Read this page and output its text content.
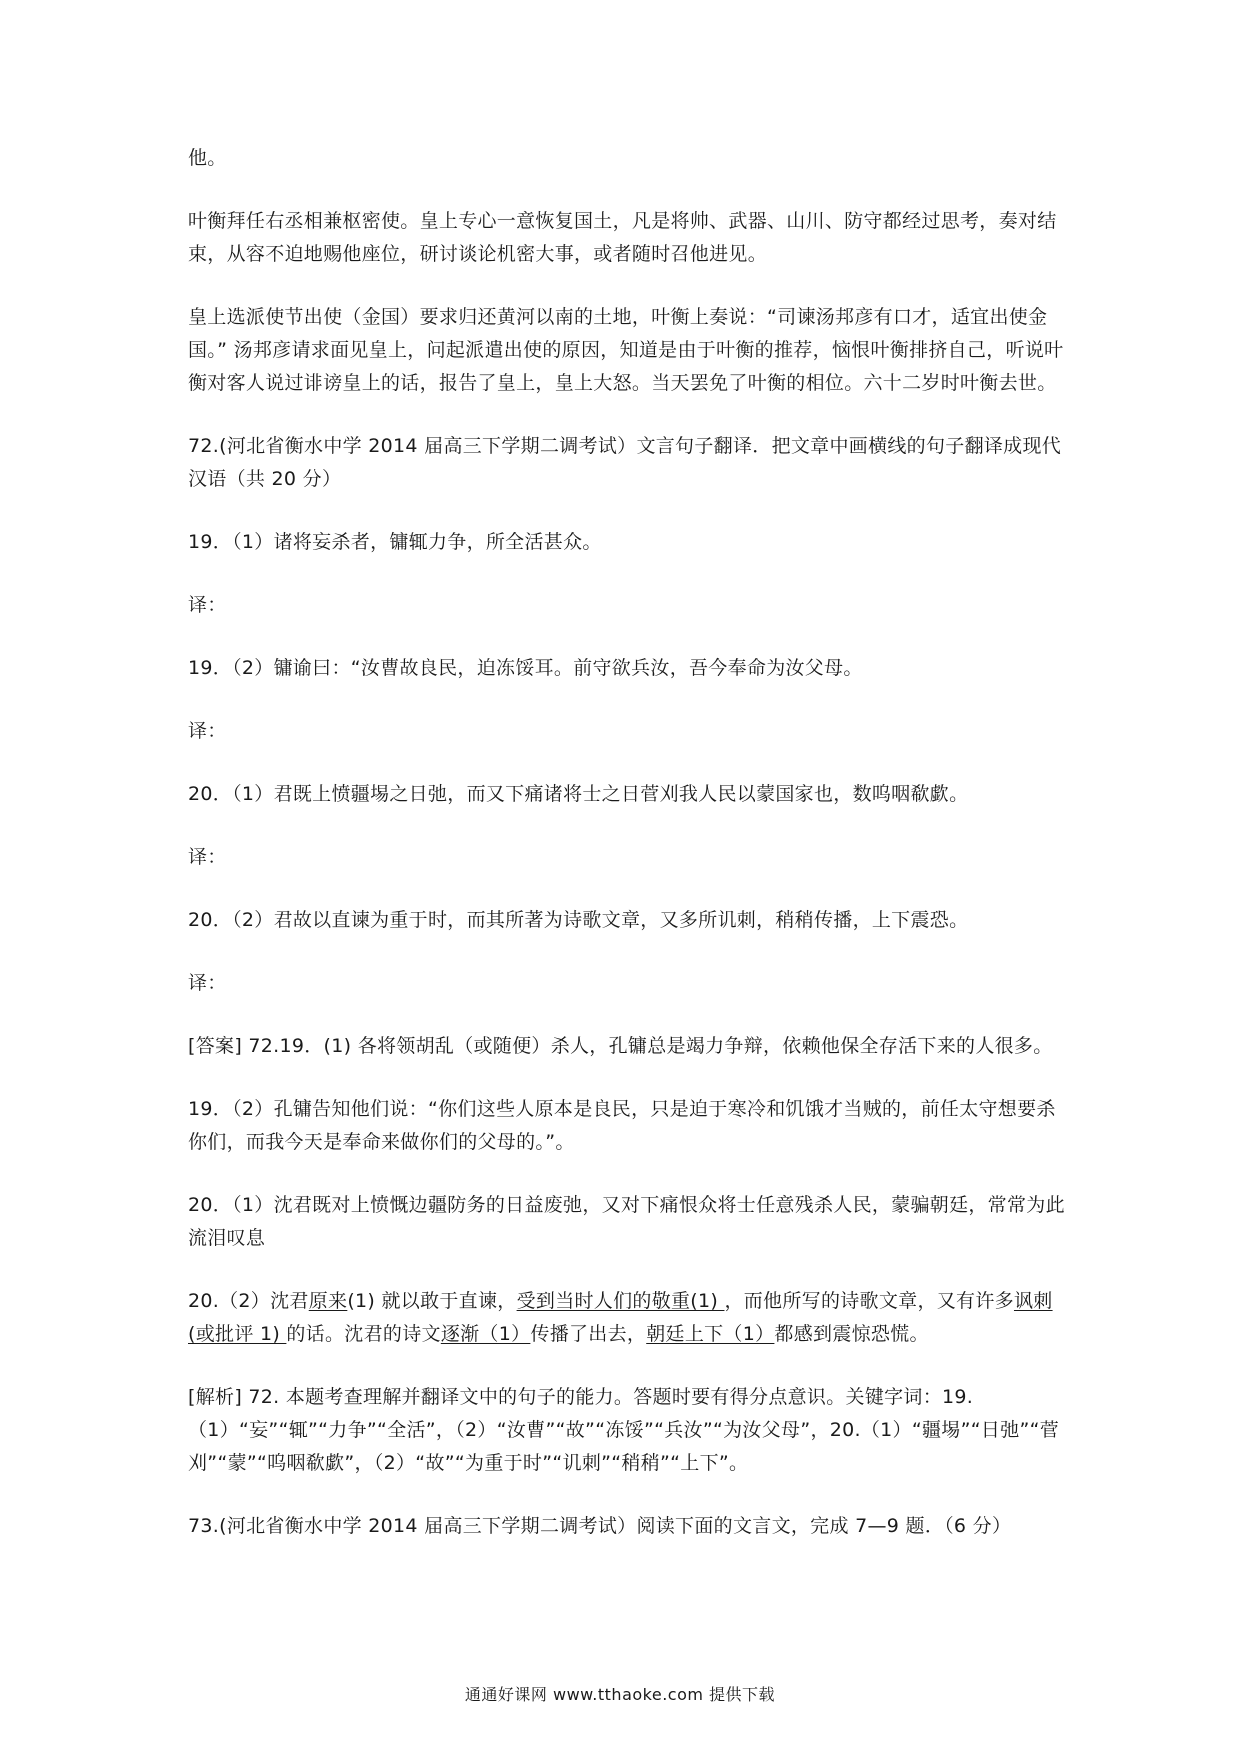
他。

叶衡拜任右丞相兼枢密使。皇上专心一意恢复国土，凡是将帅、武器、山川、防守都经过思考，奏对结束，从容不迫地赐他座位，研讨谈论机密大事，或者随时召他进见。

皇上选派使节出使（金国）要求归还黄河以南的土地，叶衡上奏说：“司谏汤邦彦有口才，适宜出使金国。” 汤邦彦请求面见皇上，问起派遣出使的原因，知道是由于叶衡的推荐，恼恨叶衡排挤自己，听说叶衡对客人说过诽谤皇上的话，报告了皇上，皇上大怒。当天罢免了叶衡的相位。六十二岁时叶衡去世。

72.(河北省衡水中学 2014 届高三下学期二调考试）文言句子翻译．把文章中画横线的句子翻译成现代汉语（共 20 分）

19．（1）诸将妄杀者，镛辄力争，所全活甚众。

译：

19．（2）镛谕曰：“汝曹故良民，迫冻馁耳。前守欲兵汝，吾今奉命为汝父母。

译：

20．（1）君既上愤疆埸之日弛，而又下痛诸将士之日菅刈我人民以蒙国家也，数呜咽欷歔。

译：

20．（2）君故以直谏为重于时，而其所著为诗歌文章，又多所讥刺，稍稍传播，上下震恐。

译：

[答案] 72.19．(1) 各将领胡乱（或随便）杀人，孔镛总是竭力争辩，依赖他保全存活下来的人很多。

19．（2）孔镛告知他们说：“你们这些人原本是良民，只是迫于寒冷和饥饿才当贼的，前任太守想要杀你们，而我今天是奉命来做你们的父母的。”。

20．（1）沈君既对上愤慨边疆防务的日益废弛，又对下痛恨众将士任意残杀人民，蒙骗朝廷，常常为此流泪叹息

20.（2）沈君原来(1) 就以敢于直谏，受到当时人们的敬重(1) ，而他所写的诗歌文章，又有许多讽刺(或批评 1) 的话。沈君的诗文逐渐（1）传播了出去，朝廷上下（1）都感到震惊恐慌。

[解析] 72. 本题考查理解并翻译文中的句子的能力。答题时要有得分点意识。关键字词：19.（1）“妄”“辄”“力争”“全活”，（2）“汝曹”“故”“冻馁”“兵汝”“为汝父母”，20.（1）“疆埸”“日弛”“菅刈”“蒙”“呜咽欷歔”，（2）“故”“为重于时”“讥刺”“稍稍”“上下”。

73.(河北省衡水中学 2014 届高三下学期二调考试）阅读下面的文言文，完成 7—9 题．（6 分）

通通好课网 www.tthaoke.com 提供下载
